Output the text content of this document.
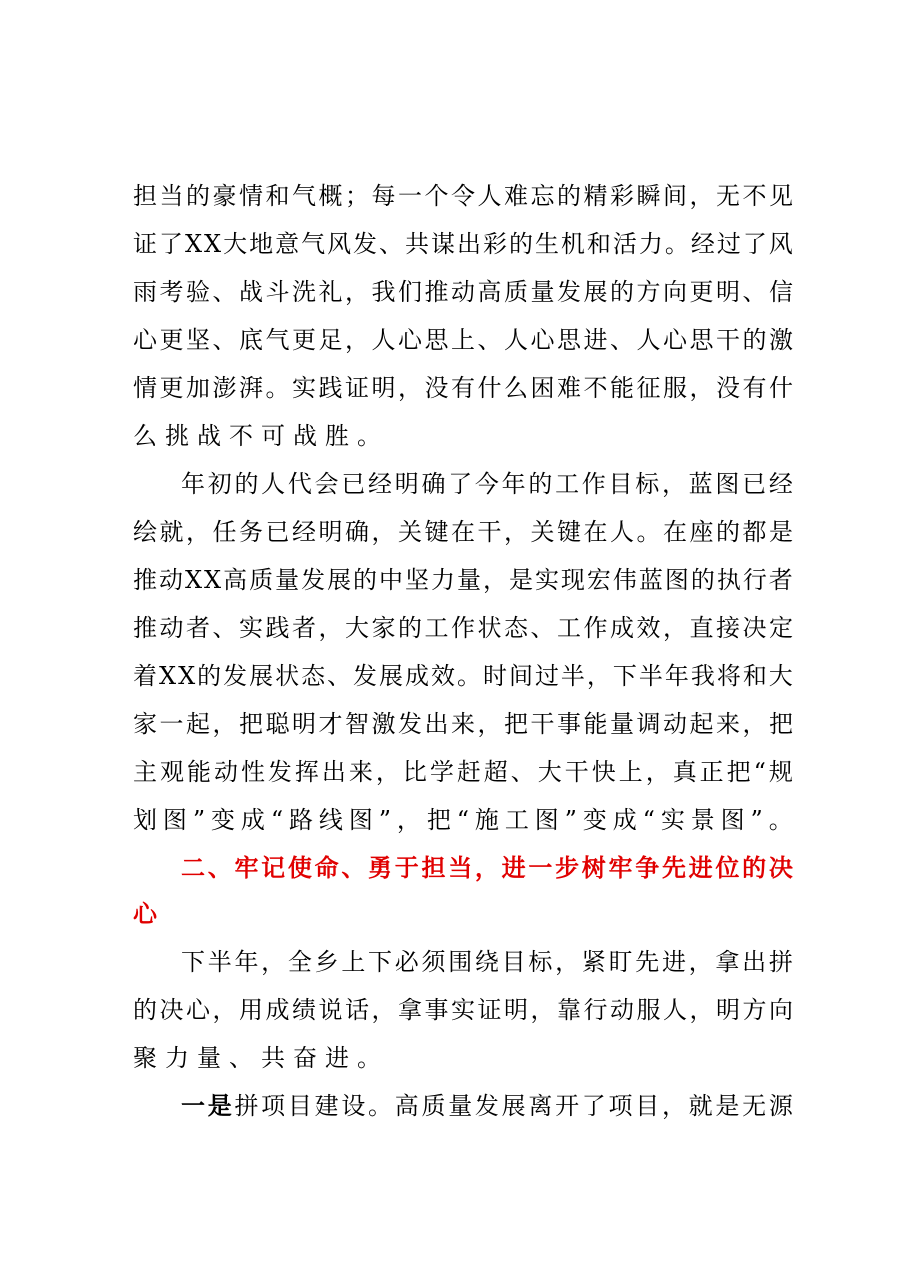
担 当 的 豪 情 和 气 概 ； 每 一 个 令 人 难 忘 的 精 彩 瞬 间 ， 无 不 见
证 了 X X 大 地 意 气 风 发 、 共 谋 出 彩 的 生 机 和 活 力 。 经 过 了 风
雨 考 验 、 战 斗 洗 礼 ， 我 们 推 动 高 质 量 发 展 的 方 向 更 明 、 信
心 更 坚 、 底 气 更 足 ， 人 心 思 上 、 人 心 思 进 、 人 心 思 干 的 激
情 更 加 澎 湃 。 实 践 证 明 ， 没 有 什 么 困 难 不 能 征 服 ， 没 有 什
么挑战不可战胜。
年 初 的 人 代 会 已 经 明 确 了 今 年 的 工 作 目 标 ， 蓝 图 已 经
绘 就 ， 任 务 已 经 明 确 ， 关 键 在 干 ， 关 键 在 人 。 在 座 的 都 是
推 动 X X 高 质 量 发 展 的 中 坚 力 量 ， 是 实 现 宏 伟 蓝 图 的 执 行 者
推 动 者 、 实 践 者 ， 大 家 的 工 作 状 态 、 工 作 成 效 ， 直 接 决 定
着 X X 的 发 展 状 态 、 发 展 成 效 。 时 间 过 半 ， 下 半 年 我 将 和 大
家 一 起 ， 把 聪 明 才 智 激 发 出 来 ， 把 干 事 能 量 调 动 起 来 ， 把
主 观 能 动 性 发 挥 出 来 ， 比 学 赶 超 、 大 干 快 上 ， 真 正 把 “ 规
划 图 ” 变 成 “ 路 线 图 ” ， 把 “ 施 工 图 ” 变 成 “ 实 景 图 ” 。
二 、 牢 记 使 命 、 勇 于 担 当 ， 进 一 步 树 牢 争 先 进 位 的 决
心
下 半 年 ， 全 乡 上 下 必 须 围 绕 目 标 ， 紧 盯 先 进 ， 拿 出 拼
的 决 心 ， 用 成 绩 说 话 ， 拿 事 实 证 明 ， 靠 行 动 服 人 ， 明 方 向
聚力量、共奋进。
一 是 拼 项 目 建 设 。 高 质 量 发 展 离 开 了 项 目 ， 就 是 无 源
